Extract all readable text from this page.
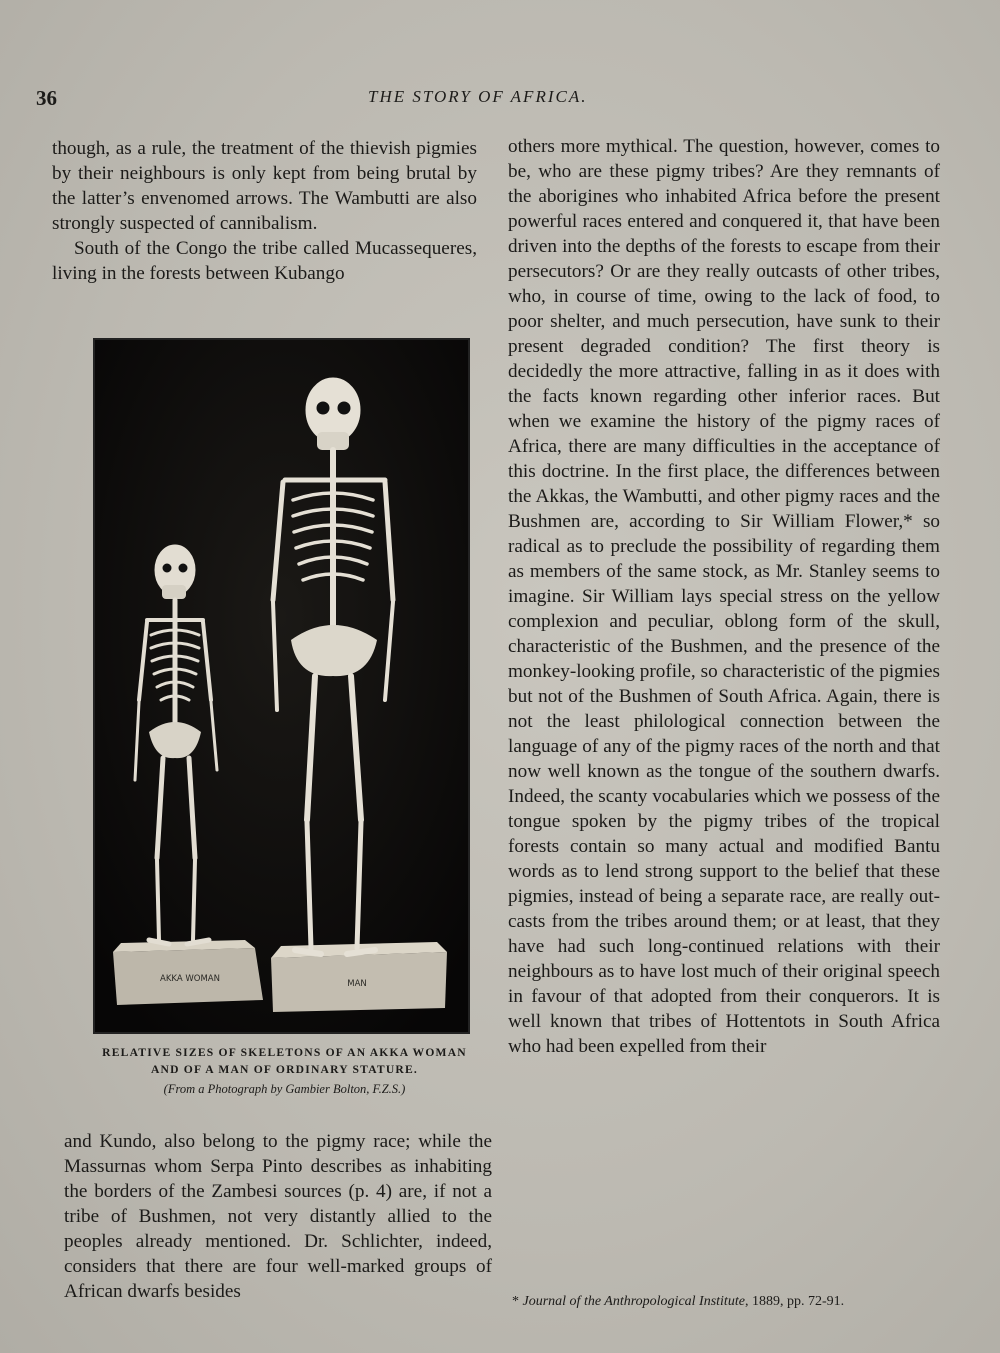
36	THE STORY OF AFRICA.

though, as a rule, the treatment of the thievish pigmies by their neighbours is only kept from being brutal by the latter’s envenomed arrows. The Wambutti are also strongly suspected of cannibalism.

South of the Congo the tribe called Mucassequeres, living in the forests between Kubango

AKKA WOMAN	MAN
RELATIVE SIZES OF SKELETONS OF AN AKKA WOMAN
AND OF A MAN OF ORDINARY STATURE.
(From a Photograph by Gambier Bolton, F.Z.S.)

and Kundo, also belong to the pigmy race; while the Massurnas whom Serpa Pinto describes as inhabiting the borders of the Zambesi sources (p. 4) are, if not a tribe of Bushmen, not very distantly allied to the peoples already mentioned. Dr. Schlichter, indeed, considers that there are four well-marked groups of African dwarfs besides

others more mythical. The question, however, comes to be, who are these pigmy tribes? Are they remnants of the aborigines who inhabited Africa before the present powerful races entered and conquered it, that have been driven into the depths of the forests to escape from their persecutors? Or are they really outcasts of other tribes, who, in course of time, owing to the lack of food, to poor shelter, and much persecution, have sunk to their present degraded condition? The first theory is decidedly the more attractive, falling in as it does with the facts known regarding other inferior races. But when we examine the history of the pigmy races of Africa, there are many difficulties in the acceptance of this doctrine. In the first place, the differences between the Akkas, the Wambutti, and other pigmy races and the Bushmen are, according to Sir William Flower,* so radical as to preclude the possibility of regarding them as members of the same stock, as Mr. Stanley seems to imagine. Sir William lays special stress on the yellow complexion and peculiar, oblong form of the skull, characteristic of the Bushmen, and the presence of the monkey-looking profile, so characteristic of the pigmies but not of the Bushmen of South Africa. Again, there is not the least philological connection between the language of any of the pigmy races of the north and that now well known as the tongue of the southern dwarfs. Indeed, the scanty vocabularies which we possess of the tongue spoken by the pigmy tribes of the tropical forests contain so many actual and modified Bantu words as to lend strong support to the belief that these pigmies, instead of being a separate race, are really outcasts from the tribes around them; or at least, that they have had such long-continued relations with their neighbours as to have lost much of their original speech in favour of that adopted from their conquerors. It is well known that tribes of Hottentots in South Africa who had been expelled from their

* Journal of the Anthropological Institute, 1889, pp. 72-91.
